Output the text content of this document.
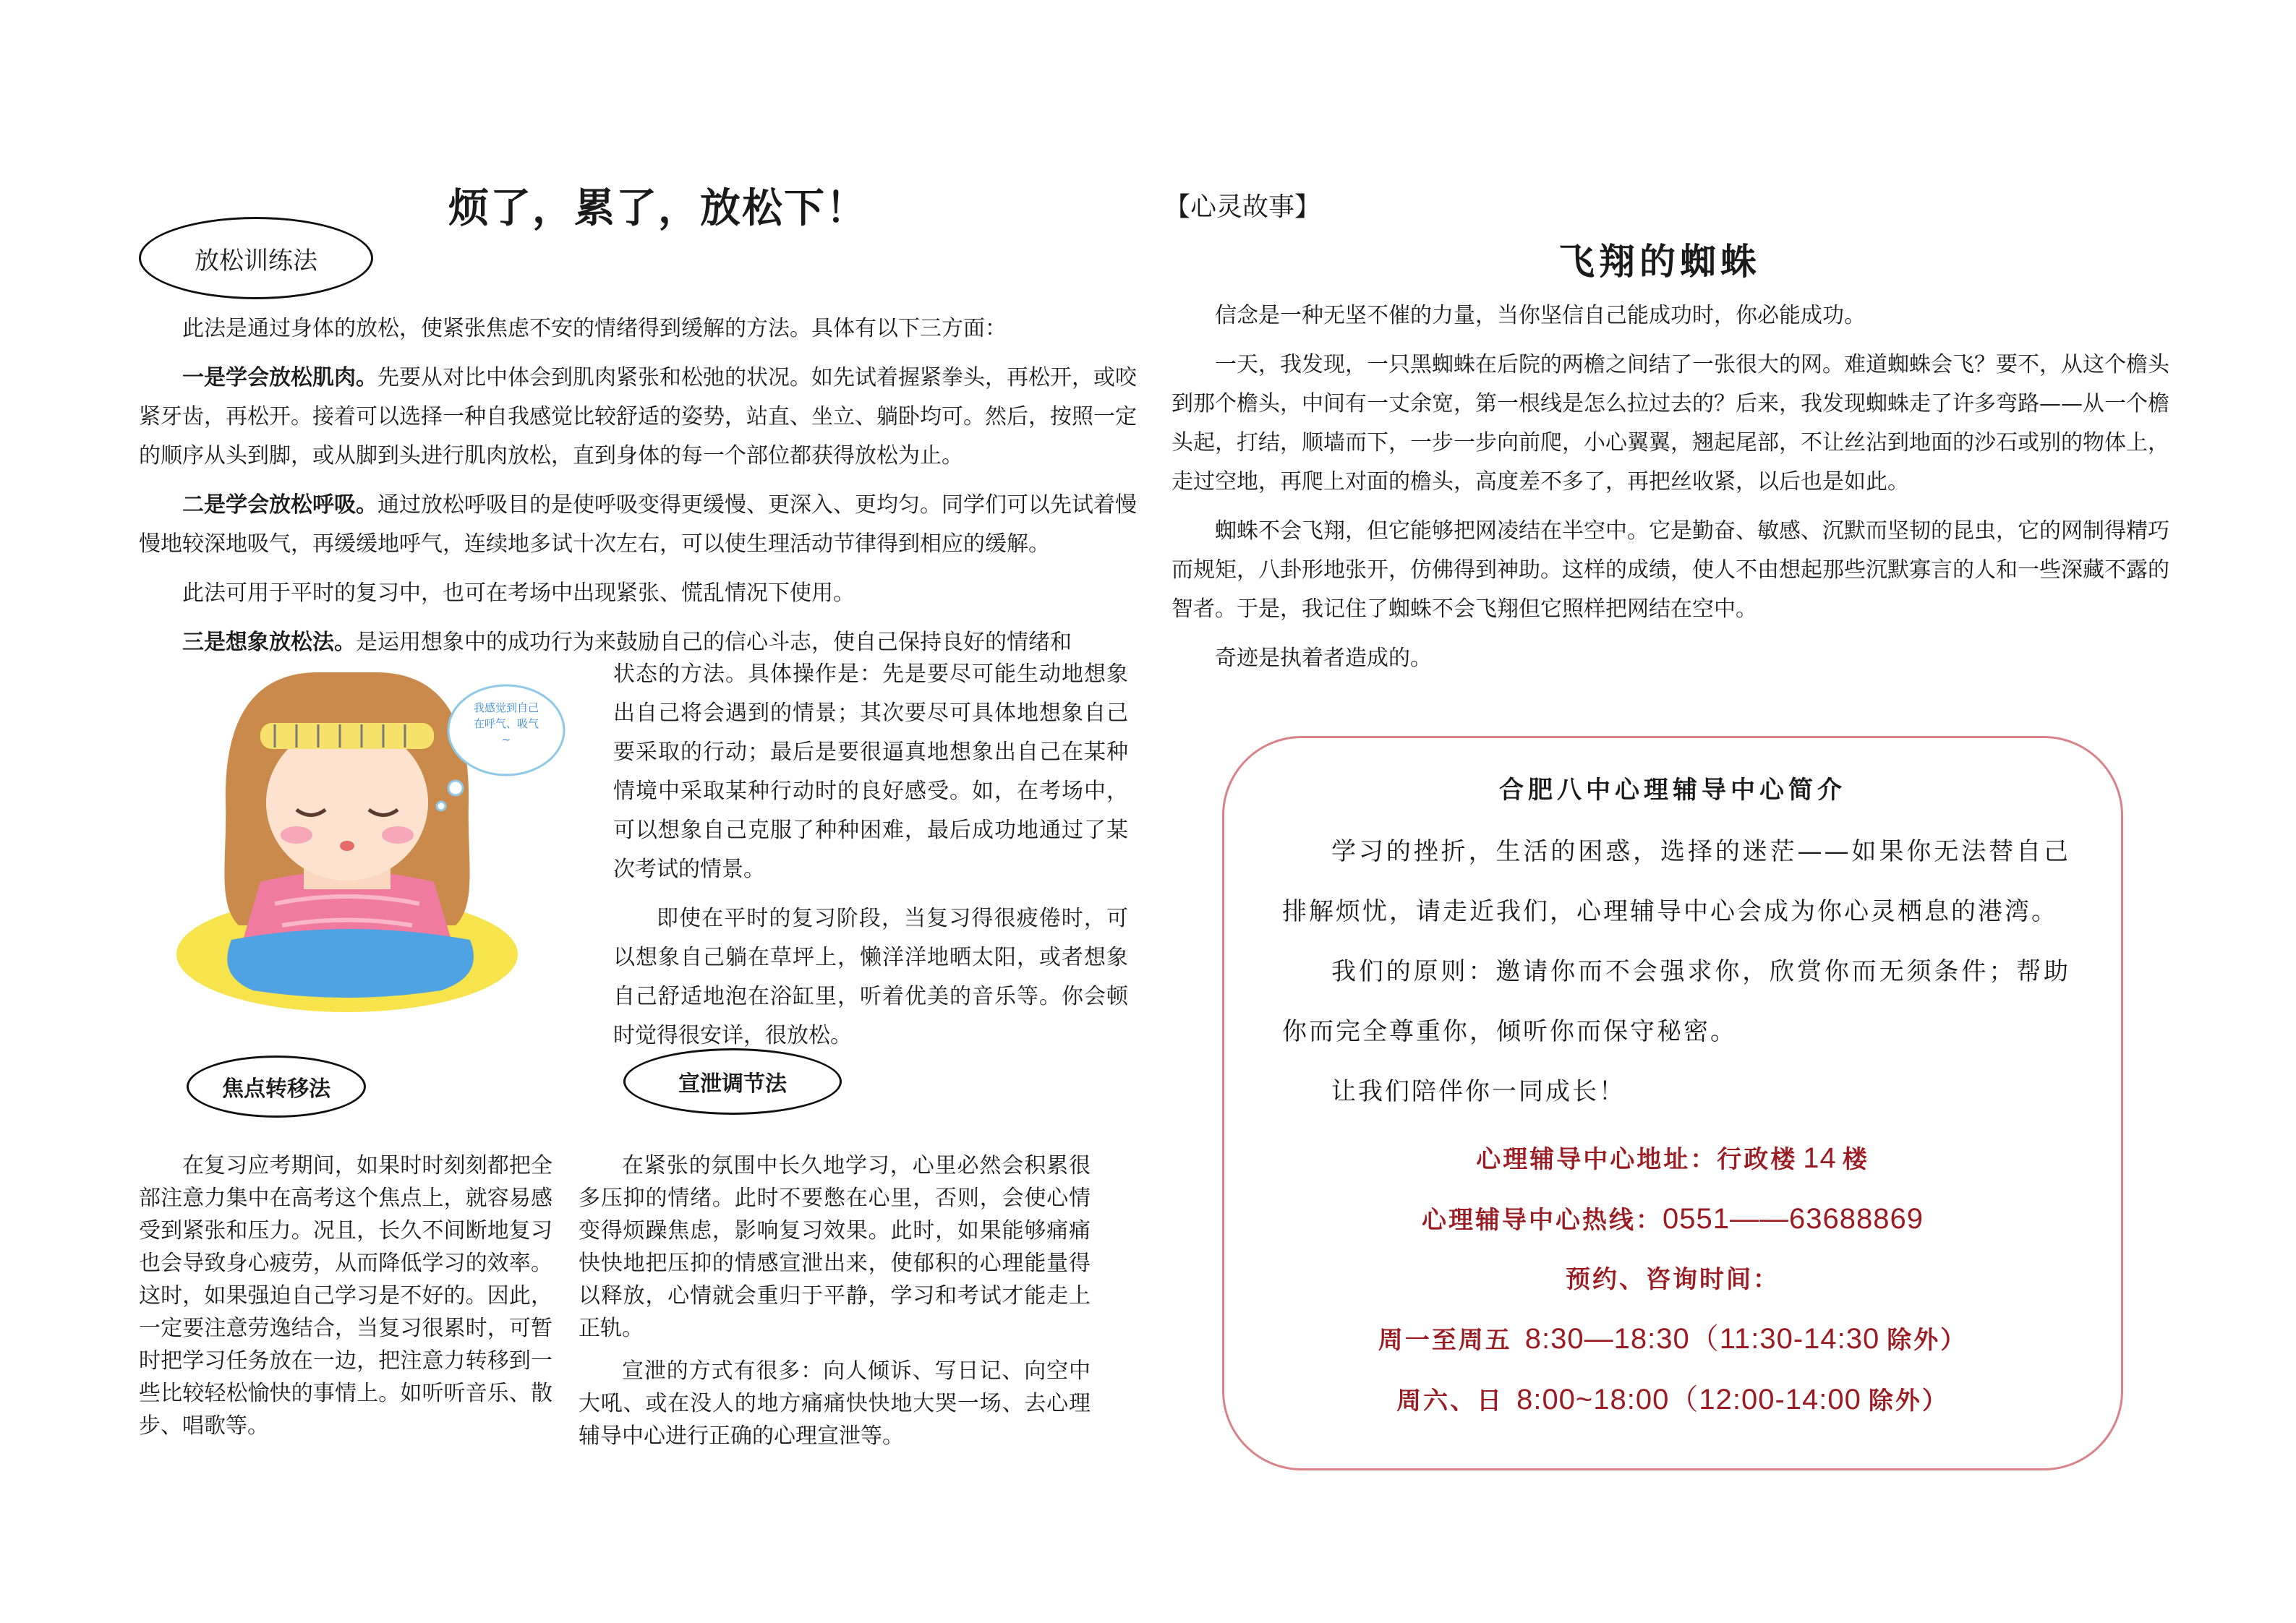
烦了，累了，放松下！
放松训练法

此法是通过身体的放松，使紧张焦虑不安的情绪得到缓解的方法。具体有以下三方面：

一是学会放松肌肉。先要从对比中体会到肌肉紧张和松弛的状况。如先试着握紧拳头，再松开，或咬紧牙齿，再松开。接着可以选择一种自我感觉比较舒适的姿势，站直、坐立、躺卧均可。然后，按照一定的顺序从头到脚，或从脚到头进行肌肉放松，直到身体的每一个部位都获得放松为止。

二是学会放松呼吸。通过放松呼吸目的是使呼吸变得更缓慢、更深入、更均匀。同学们可以先试着慢慢地较深地吸气，再缓缓地呼气，连续地多试十次左右，可以使生理活动节律得到相应的缓解。

此法可用于平时的复习中，也可在考场中出现紧张、慌乱情况下使用。

三是想象放松法。是运用想象中的成功行为来鼓励自己的信心斗志，使自己保持良好的情绪和

状态的方法。具体操作是：先是要尽可能生动地想象出自己将会遇到的情景；其次要尽可具体地想象自己要采取的行动；最后是要很逼真地想象出自己在某种情境中采取某种行动时的良好感受。如，在考场中，可以想象自己克服了种种困难，最后成功地通过了某次考试的情景。

即使在平时的复习阶段，当复习得很疲倦时，可以想象自己躺在草坪上，懒洋洋地晒太阳，或者想象自己舒适地泡在浴缸里，听着优美的音乐等。你会顿时觉得很安详，很放松。

我感觉到自己在呼气、吸气~
焦点转移法

在复习应考期间，如果时时刻刻都把全部注意力集中在高考这个焦点上，就容易感受到紧张和压力。况且，长久不间断地复习也会导致身心疲劳，从而降低学习的效率。这时，如果强迫自己学习是不好的。因此，一定要注意劳逸结合，当复习很累时，可暂时把学习任务放在一边，把注意力转移到一些比较轻松愉快的事情上。如听听音乐、散步、唱歌等。

宣泄调节法

在紧张的氛围中长久地学习，心里必然会积累很多压抑的情绪。此时不要憋在心里，否则，会使心情变得烦躁焦虑，影响复习效果。此时，如果能够痛痛快快地把压抑的情感宣泄出来，使郁积的心理能量得以释放，心情就会重归于平静，学习和考试才能走上正轨。

宣泄的方式有很多：向人倾诉、写日记、向空中大吼、或在没人的地方痛痛快快地大哭一场、去心理辅导中心进行正确的心理宣泄等。

【心灵故事】
飞翔的蜘蛛

信念是一种无坚不催的力量，当你坚信自己能成功时，你必能成功。

一天，我发现，一只黑蜘蛛在后院的两檐之间结了一张很大的网。难道蜘蛛会飞？要不，从这个檐头到那个檐头，中间有一丈余宽，第一根线是怎么拉过去的？后来，我发现蜘蛛走了许多弯路——从一个檐头起，打结，顺墙而下，一步一步向前爬，小心翼翼，翘起尾部，不让丝沾到地面的沙石或别的物体上，走过空地，再爬上对面的檐头，高度差不多了，再把丝收紧，以后也是如此。

蜘蛛不会飞翔，但它能够把网凌结在半空中。它是勤奋、敏感、沉默而坚韧的昆虫，它的网制得精巧而规矩，八卦形地张开，仿佛得到神助。这样的成绩，使人不由想起那些沉默寡言的人和一些深藏不露的智者。于是，我记住了蜘蛛不会飞翔但它照样把网结在空中。

奇迹是执着者造成的。

合肥八中心理辅导中心简介

学习的挫折，生活的困惑，选择的迷茫——如果你无法替自己排解烦忧，请走近我们，心理辅导中心会成为你心灵栖息的港湾。

我们的原则：邀请你而不会强求你，欣赏你而无须条件；帮助你而完全尊重你，倾听你而保守秘密。

让我们陪伴你一同成长！

心理辅导中心地址：行政楼 14 楼
心理辅导中心热线：0551——63688869
预约、咨询时间：
周一至周五 8:30—18:30（11:30-14:30 除外）
周六、日 8:00~18:00（12:00-14:00 除外）
